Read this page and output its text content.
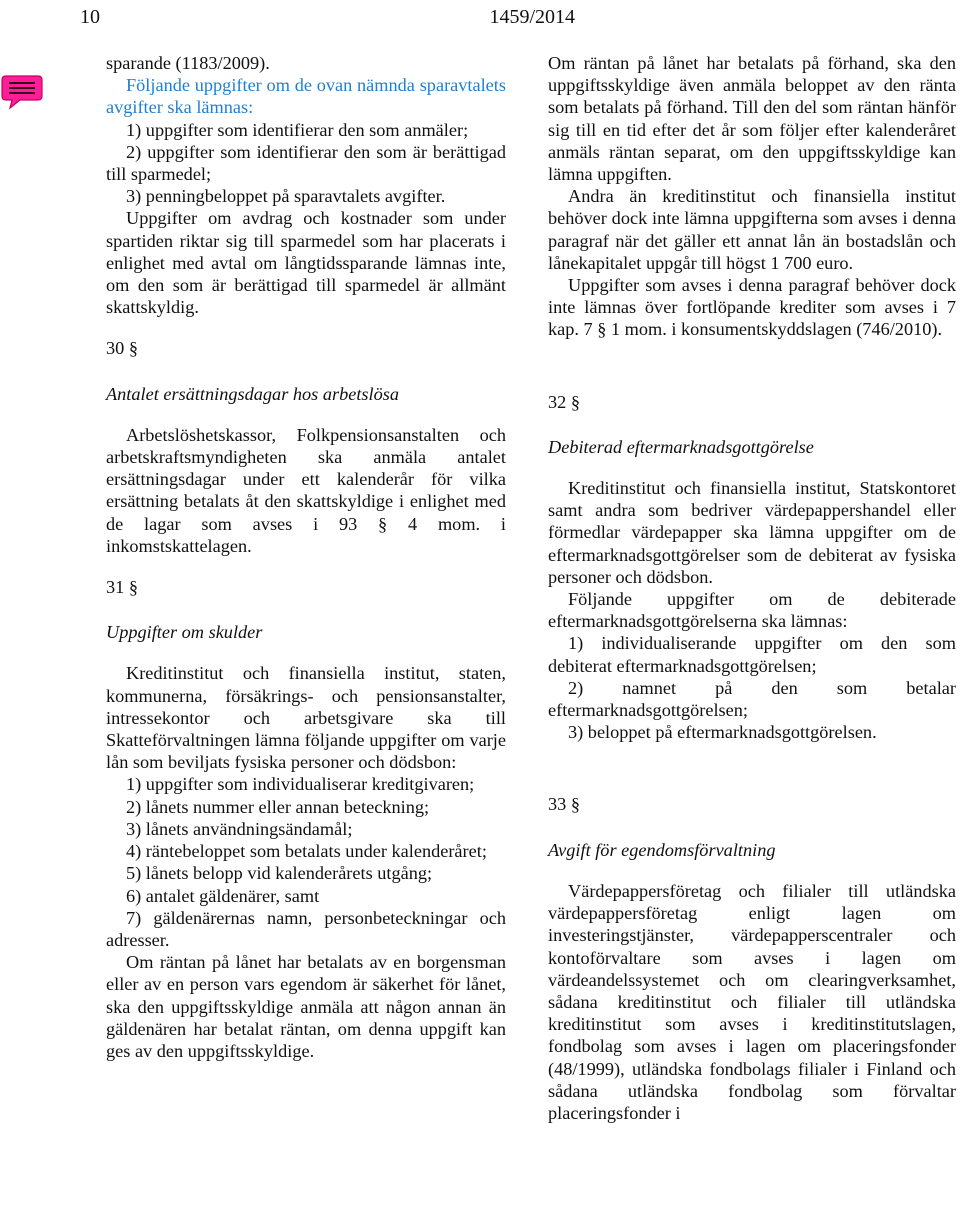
10	1459/2014

sparande (1183/2009).

Följande uppgifter om de ovan nämnda sparavtalets avgifter ska lämnas:

1) uppgifter som identifierar den som anmäler;

2) uppgifter som identifierar den som är berättigad till sparmedel;

3) penningbeloppet på sparavtalets avgifter.

Uppgifter om avdrag och kostnader som under spartiden riktar sig till sparmedel som har placerats i enlighet med avtal om långtidssparande lämnas inte, om den som är berättigad till sparmedel är allmänt skattskyldig.

30 §

Antalet ersättningsdagar hos arbetslösa

Arbetslöshetskassor, Folkpensionsanstalten och arbetskraftsmyndigheten ska anmäla antalet ersättningsdagar under ett kalenderår för vilka ersättning betalats åt den skattskyldige i enlighet med de lagar som avses i 93 § 4 mom. i inkomstskattelagen.

31 §

Uppgifter om skulder

Kreditinstitut och finansiella institut, staten, kommunerna, försäkrings- och pensionsanstalter, intressekontor och arbetsgivare ska till Skatteförvaltningen lämna följande uppgifter om varje lån som beviljats fysiska personer och dödsbon:

1) uppgifter som individualiserar kreditgivaren;

2) lånets nummer eller annan beteckning;

3) lånets användningsändamål;

4) räntebeloppet som betalats under kalenderåret;

5) lånets belopp vid kalenderårets utgång;

6) antalet gäldenärer, samt

7) gäldenärernas namn, personbeteckningar och adresser.

Om räntan på lånet har betalats av en borgensman eller av en person vars egendom är säkerhet för lånet, ska den uppgiftsskyldige anmäla att någon annan än gäldenären har betalat räntan, om denna uppgift kan ges av den uppgiftsskyldige.

Om räntan på lånet har betalats på förhand, ska den uppgiftsskyldige även anmäla beloppet av den ränta som betalats på förhand. Till den del som räntan hänför sig till en tid efter det år som följer efter kalenderåret anmäls räntan separat, om den uppgiftsskyldige kan lämna uppgiften.

Andra än kreditinstitut och finansiella institut behöver dock inte lämna uppgifterna som avses i denna paragraf när det gäller ett annat lån än bostadslån och lånekapitalet uppgår till högst 1 700 euro.

Uppgifter som avses i denna paragraf behöver dock inte lämnas över fortlöpande krediter som avses i 7 kap. 7 § 1 mom. i konsumentskyddslagen (746/2010).

32 §

Debiterad eftermarknadsgottgörelse

Kreditinstitut och finansiella institut, Statskontoret samt andra som bedriver värdepappershandel eller förmedlar värdepapper ska lämna uppgifter om de eftermarknadsgottgörelser som de debiterat av fysiska personer och dödsbon.

Följande uppgifter om de debiterade eftermarknadsgottgörelserna ska lämnas:

1) individualiserande uppgifter om den som debiterat eftermarknadsgottgörelsen;

2) namnet på den som betalar eftermarknadsgottgörelsen;

3) beloppet på eftermarknadsgottgörelsen.

33 §

Avgift för egendomsförvaltning

Värdepappersföretag och filialer till utländska värdepappersföretag enligt lagen om investeringstjänster, värdepapperscentraler och kontoförvaltare som avses i lagen om värdeandelssystemet och om clearingverksamhet, sådana kreditinstitut och filialer till utländska kreditinstitut som avses i kreditinstitutslagen, fondbolag som avses i lagen om placeringsfonder (48/1999), utländska fondbolags filialer i Finland och sådana utländska fondbolag som förvaltar placeringsfonder i
